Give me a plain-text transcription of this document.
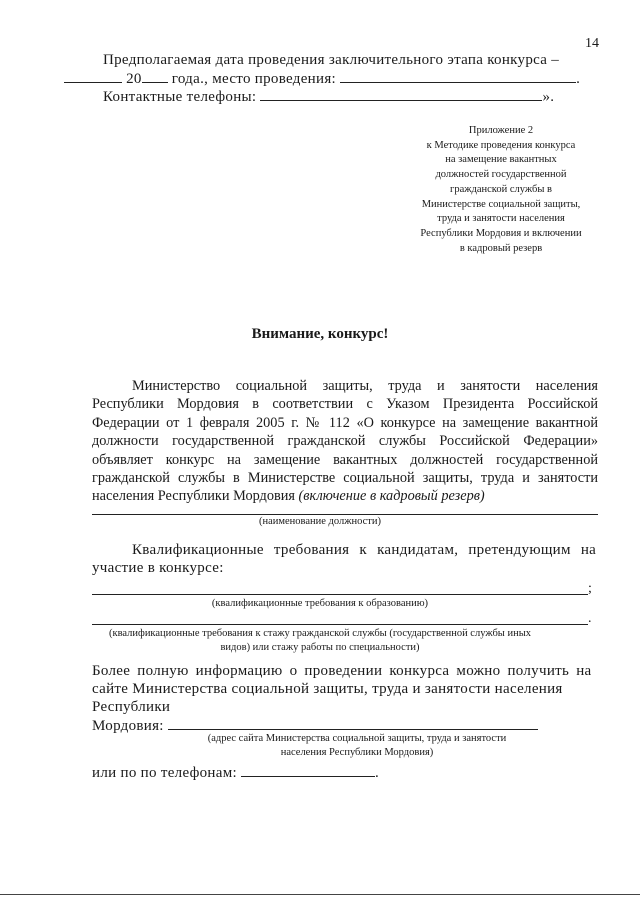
14
Предполагаемая дата проведения заключительного этапа конкурса –
20 года., место проведения:	.
Контактные телефоны:	».
Приложение 2
к Методике проведения конкурса
на замещение вакантных
должностей государственной
гражданской службы в
Министерстве социальной защиты,
труда и занятости населения
Республики Мордовия и включении
в кадровый резерв
Внимание, конкурс!

Министерство социальной защиты, труда и занятости населения Республики Мордовия в соответствии с Указом Президента Российской Федерации от 1 февраля 2005 г. № 112 «О конкурсе на замещение вакантной должности государственной гражданской службы Российской Федерации» объявляет конкурс на замещение вакантных должностей государственной гражданской службы в Министерстве социальной защиты, труда и занятости населения Республики Мордовия (включение в кадровый резерв)

(наименование должности)
Квалификационные требования к кандидатам, претендующим на
участие в конкурсе:
;
(квалификационные требования к образованию)
.
(квалификационные требования к стажу гражданской службы (государственной службы иных
видов) или стажу работы по специальности)
Более полную информацию о проведении конкурса можно получить на
сайте Министерства социальной защиты, труда и занятости населения
Республики
Мордовия:
(адрес сайта Министерства социальной защиты, труда и занятости
населения Республики Мордовия)
или по по телефонам:	.
